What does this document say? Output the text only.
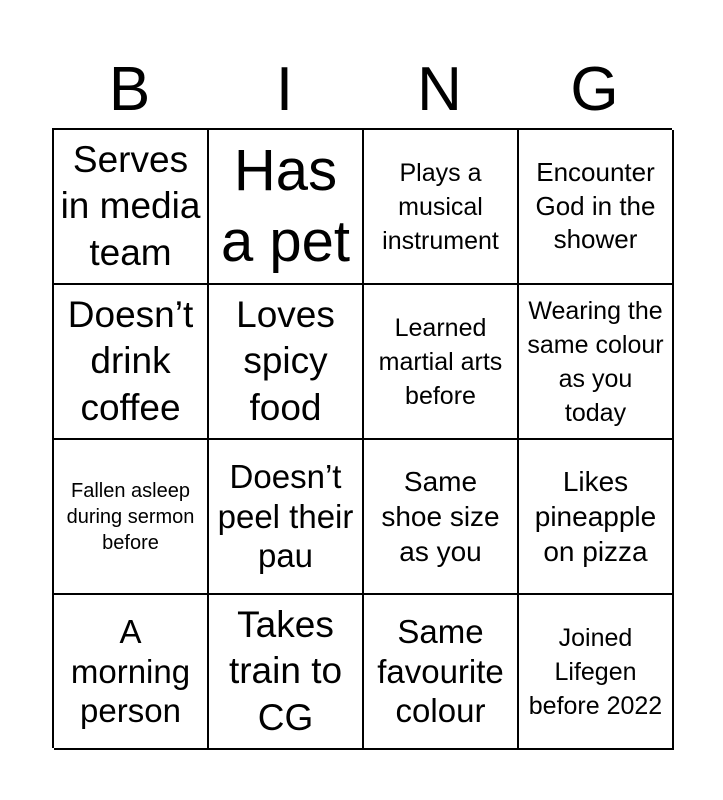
B	I	N	G
Serves in media team
Has a pet
Plays a musical instrument
Encounter God in the shower
Doesn’t drink coffee
Loves spicy food
Learned martial arts before
Wearing the same colour as you today
Fallen asleep during sermon before
Doesn’t peel their pau
Same shoe size as you
Likes pineapple on pizza
A morning person
Takes train to CG
Same favourite colour
Joined Lifegen before 2022
